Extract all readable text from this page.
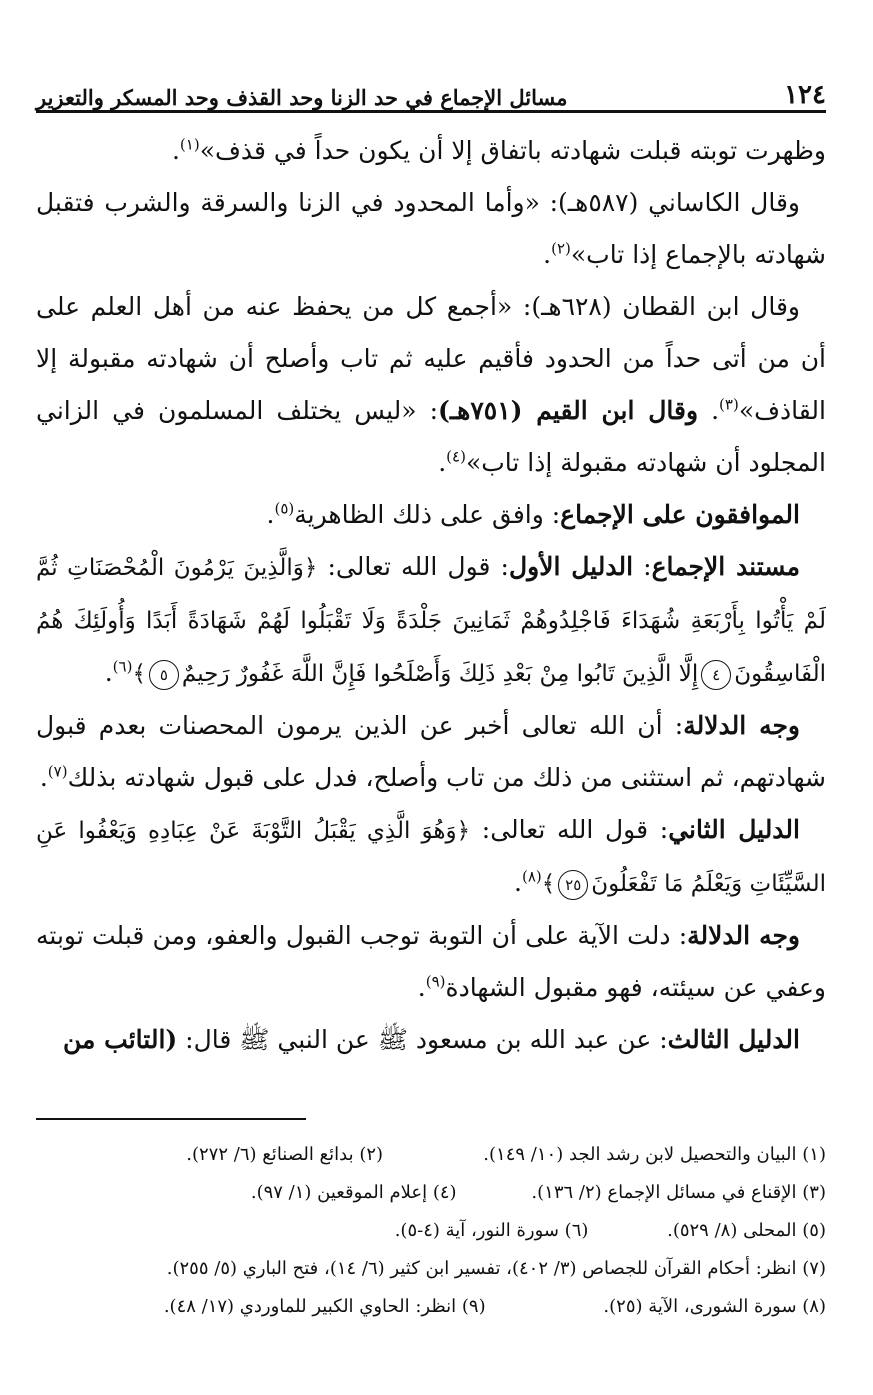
١٢٤
مسائل الإجماع في حد الزنا وحد القذف وحد المسكر والتعزير

وظهرت توبته قبلت شهادته باتفاق إلا أن يكون حداً في قذف»$^{(١)}$.

وقال الكاساني (٥٨٧هـ): «وأما المحدود في الزنا والسرقة والشرب فتقبل شهادته بالإجماع إذا تاب»$^{(٢)}$.

وقال ابن القطان (٦٢٨هـ): «أجمع كل من يحفظ عنه من أهل العلم على أن من أتى حداً من الحدود فأقيم عليه ثم تاب وأصلح أن شهادته مقبولة إلا القاذف»$^{(٣)}$. وقال ابن القيم (٧٥١هـ): «ليس يختلف المسلمون في الزاني المجلود أن شهادته مقبولة إذا تاب»$^{(٤)}$.

الموافقون على الإجماع: وافق على ذلك الظاهرية$^{(٥)}$.

مستند الإجماع: الدليل الأول: قول الله تعالى: ﴿وَالَّذِينَ يَرْمُونَ الْمُحْصَنَاتِ ثُمَّ لَمْ يَأْتُوا بِأَرْبَعَةِ شُهَدَاءَ فَاجْلِدُوهُمْ ثَمَانِينَ جَلْدَةً وَلَا تَقْبَلُوا لَهُمْ شَهَادَةً أَبَدًا وَأُولَئِكَ هُمُ الْفَاسِقُونَ٤إِلَّا الَّذِينَ تَابُوا مِنْ بَعْدِ ذَلِكَ وَأَصْلَحُوا فَإِنَّ اللَّهَ غَفُورٌ رَحِيمٌ٥﴾$^{(٦)}$.

وجه الدلالة: أن الله تعالى أخبر عن الذين يرمون المحصنات بعدم قبول شهادتهم، ثم استثنى من ذلك من تاب وأصلح، فدل على قبول شهادته بذلك$^{(٧)}$.

الدليل الثاني: قول الله تعالى: ﴿وَهُوَ الَّذِي يَقْبَلُ التَّوْبَةَ عَنْ عِبَادِهِ وَيَعْفُوا عَنِ السَّيِّئَاتِ وَيَعْلَمُ مَا تَفْعَلُونَ٢٥﴾$^{(٨)}$.

وجه الدلالة: دلت الآية على أن التوبة توجب القبول والعفو، ومن قبلت توبته وعفي عن سيئته، فهو مقبول الشهادة$^{(٩)}$.

الدليل الثالث: عن عبد الله بن مسعود ﷺ عن النبي ﷺ قال: (التائب من

(١) البيان والتحصيل لابن رشد الجد (١٠/ ١٤٩).
(٢) بدائع الصنائع (٦/ ٢٧٢).
(٣) الإقناع في مسائل الإجماع (٢/ ١٣٦).
(٤) إعلام الموقعين (١/ ٩٧).
(٥) المحلى (٨/ ٥٢٩).
(٦) سورة النور، آية (٤-٥).
(٧) انظر: أحكام القرآن للجصاص (٣/ ٤٠٢)، تفسير ابن كثير (٦/ ١٤)، فتح الباري (٥/ ٢٥٥).
(٨) سورة الشورى، الآية (٢٥).
(٩) انظر: الحاوي الكبير للماوردي (١٧/ ٤٨).
